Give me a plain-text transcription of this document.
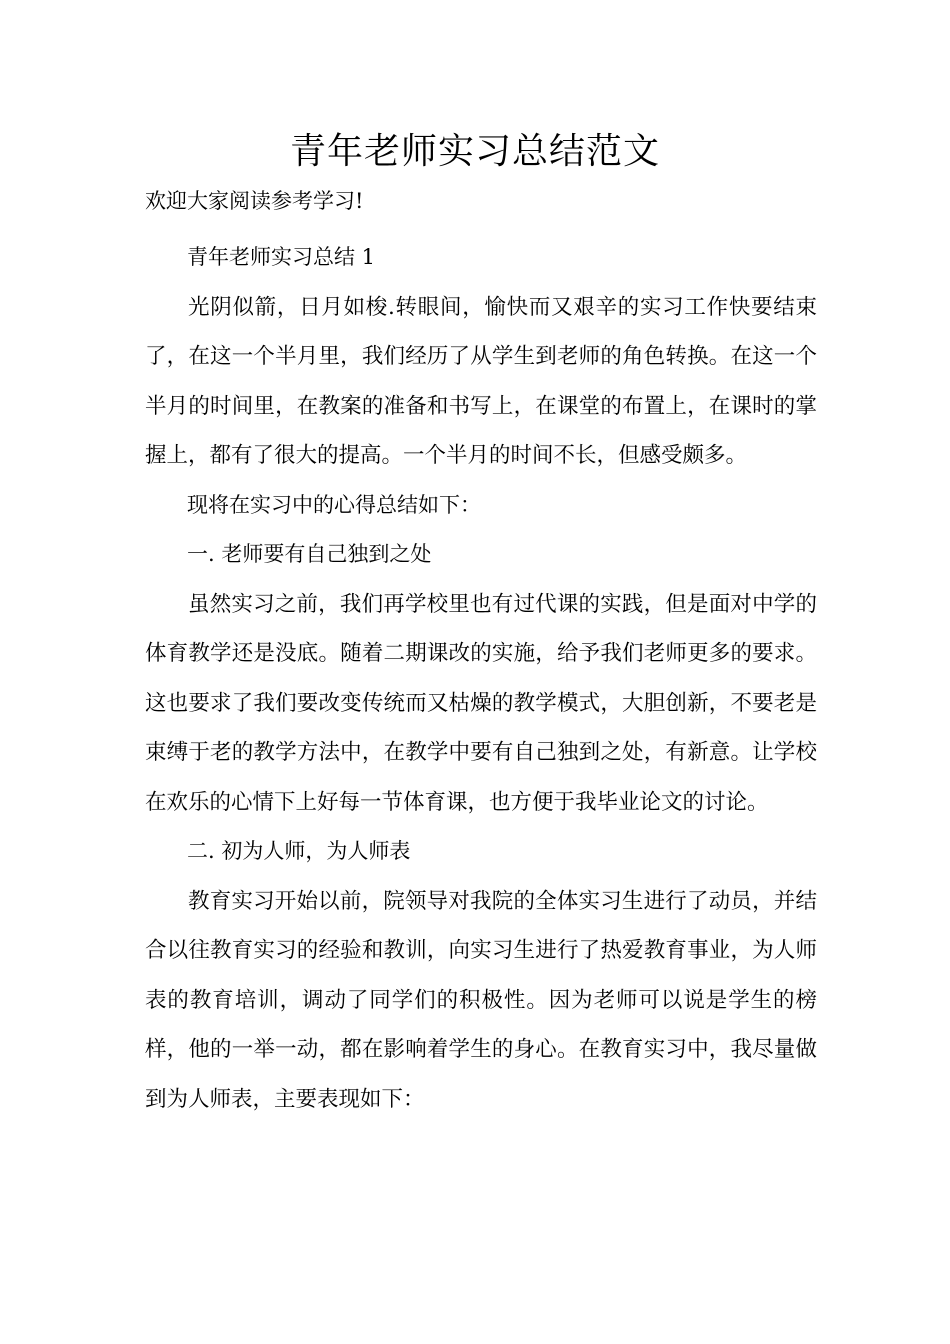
青年老师实习总结范文

欢迎大家阅读参考学习!

青年老师实习总结 1

光阴似箭，日月如梭.转眼间，愉快而又艰辛的实习工作快要结束了，在这一个半月里，我们经历了从学生到老师的角色转换。在这一个半月的时间里，在教案的准备和书写上，在课堂的布置上，在课时的掌握上，都有了很大的提高。一个半月的时间不长，但感受颇多。

现将在实习中的心得总结如下：

一. 老师要有自己独到之处

虽然实习之前，我们再学校里也有过代课的实践，但是面对中学的体育教学还是没底。随着二期课改的实施，给予我们老师更多的要求。这也要求了我们要改变传统而又枯燥的教学模式，大胆创新，不要老是束缚于老的教学方法中，在教学中要有自己独到之处，有新意。让学校在欢乐的心情下上好每一节体育课，也方便于我毕业论文的讨论。

二. 初为人师，为人师表

教育实习开始以前，院领导对我院的全体实习生进行了动员，并结合以往教育实习的经验和教训，向实习生进行了热爱教育事业，为人师表的教育培训，调动了同学们的积极性。因为老师可以说是学生的榜样，他的一举一动，都在影响着学生的身心。在教育实习中，我尽量做到为人师表，主要表现如下：
